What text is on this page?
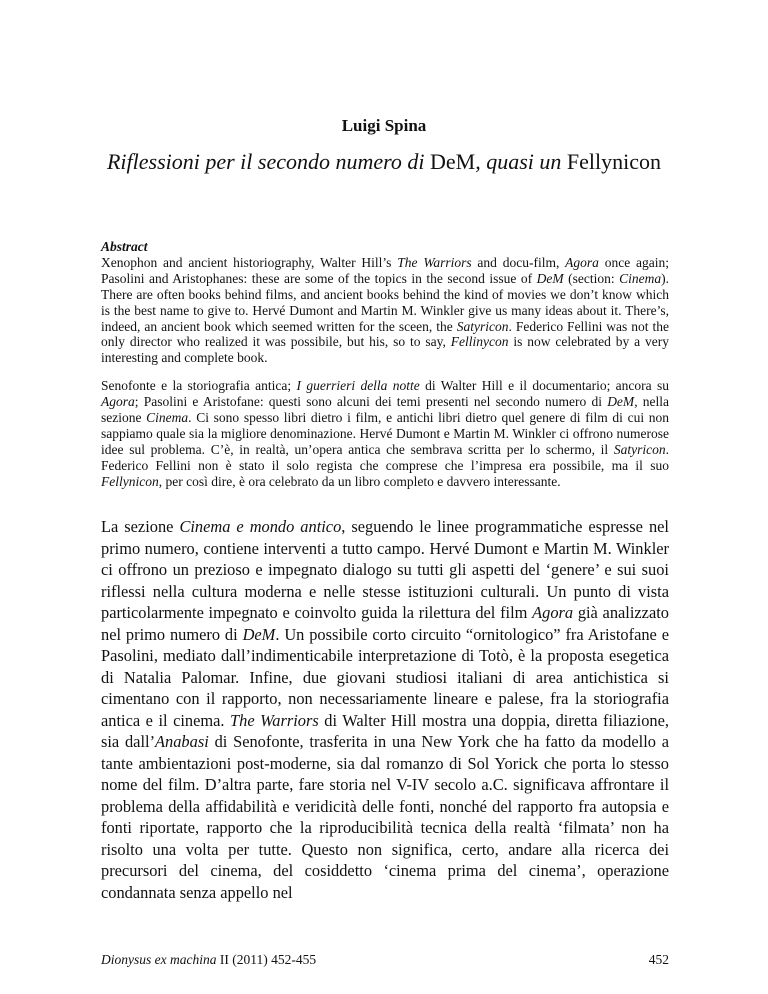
Luigi Spina
Riflessioni per il secondo numero di DeM, quasi un Fellynicon
Abstract

Xenophon and ancient historiography, Walter Hill’s The Warriors and docu-film, Agora once again; Pasolini and Aristophanes: these are some of the topics in the second issue of DeM (section: Cinema). There are often books behind films, and ancient books behind the kind of movies we don’t know which is the best name to give to. Hervé Dumont and Martin M. Winkler give us many ideas about it. There’s, indeed, an ancient book which seemed written for the sceen, the Satyricon. Federico Fellini was not the only director who realized it was possibile, but his, so to say, Fellinycon is now celebrated by a very interesting and complete book.

Senofonte e la storiografia antica; I guerrieri della notte di Walter Hill e il documentario; ancora su Agora; Pasolini e Aristofane: questi sono alcuni dei temi presenti nel secondo numero di DeM, nella sezione Cinema. Ci sono spesso libri dietro i film, e antichi libri dietro quel genere di film di cui non sappiamo quale sia la migliore denominazione. Hervé Dumont e Martin M. Winkler ci offrono numerose idee sul problema. C’è, in realtà, un’opera antica che sembrava scritta per lo schermo, il Satyricon. Federico Fellini non è stato il solo regista che comprese che l’impresa era possibile, ma il suo Fellynicon, per così dire, è ora celebrato da un libro completo e davvero interessante.

La sezione Cinema e mondo antico, seguendo le linee programmatiche espresse nel primo numero, contiene interventi a tutto campo. Hervé Dumont e Martin M. Winkler ci offrono un prezioso e impegnato dialogo su tutti gli aspetti del ‘genere’ e sui suoi riflessi nella cultura moderna e nelle stesse istituzioni culturali. Un punto di vista particolarmente impegnato e coinvolto guida la rilettura del film Agora già analizzato nel primo numero di DeM. Un possibile corto circuito “ornitologico” fra Aristofane e Pasolini, mediato dall’indimenticabile interpretazione di Totò, è la proposta esegetica di Natalia Palomar. Infine, due giovani studiosi italiani di area antichistica si cimentano con il rapporto, non necessariamente lineare e palese, fra la storiografia antica e il cinema. The Warriors di Walter Hill mostra una doppia, diretta filiazione, sia dall’Anabasi di Senofonte, trasferita in una New York che ha fatto da modello a tante ambientazioni post-moderne, sia dal romanzo di Sol Yorick che porta lo stesso nome del film. D’altra parte, fare storia nel V-IV secolo a.C. significava affrontare il problema della affidabilità e veridicità delle fonti, nonché del rapporto fra autopsia e fonti riportate, rapporto che la riproducibilità tecnica della realtà ‘filmata’ non ha risolto una volta per tutte. Questo non significa, certo, andare alla ricerca dei precursori del cinema, del cosiddetto ‘cinema prima del cinema’, operazione condannata senza appello nel

Dionysus ex machina II (2011) 452-455	452
